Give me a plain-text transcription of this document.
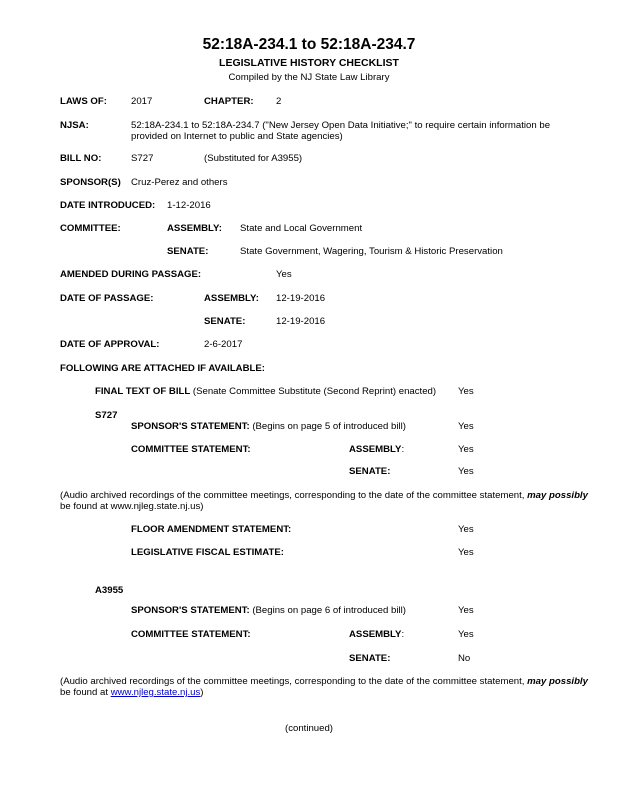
52:18A-234.1 to 52:18A-234.7
LEGISLATIVE HISTORY CHECKLIST
Compiled by the NJ State Law Library
LAWS OF:	2017	CHAPTER: 2
NJSA:	52:18A-234.1 to 52:18A-234.7 ("New Jersey Open Data Initiative;" to require certain information be
provided on Internet to public and State agencies)
BILL NO:	S727	(Substituted for A3955)
SPONSOR(S) Cruz-Perez and others
DATE INTRODUCED: 1-12-2016
COMMITTEE:	ASSEMBLY: State and Local Government
SENATE:	State Government, Wagering, Tourism & Historic Preservation
AMENDED DURING PASSAGE:	Yes
DATE OF PASSAGE:	ASSEMBLY: 12-19-2016
SENATE:	12-19-2016
DATE OF APPROVAL:	2-6-2017
FOLLOWING ARE ATTACHED IF AVAILABLE:
FINAL TEXT OF BILL (Senate Committee Substitute (Second Reprint) enacted) Yes
S727
SPONSOR'S STATEMENT: (Begins on page 5 of introduced bill)	Yes
COMMITTEE STATEMENT:	ASSEMBLY:	Yes
SENATE:	Yes
(Audio archived recordings of the committee meetings, corresponding to the date of the committee statement, may possibly
be found at www.njleg.state.nj.us)
FLOOR AMENDMENT STATEMENT:	Yes
LEGISLATIVE FISCAL ESTIMATE:	Yes
A3955
SPONSOR'S STATEMENT: (Begins on page 6 of introduced bill)	Yes
COMMITTEE STATEMENT:	ASSEMBLY:	Yes
SENATE:	No
(Audio archived recordings of the committee meetings, corresponding to the date of the committee statement, may possibly
be found at www.njleg.state.nj.us)
(continued)
